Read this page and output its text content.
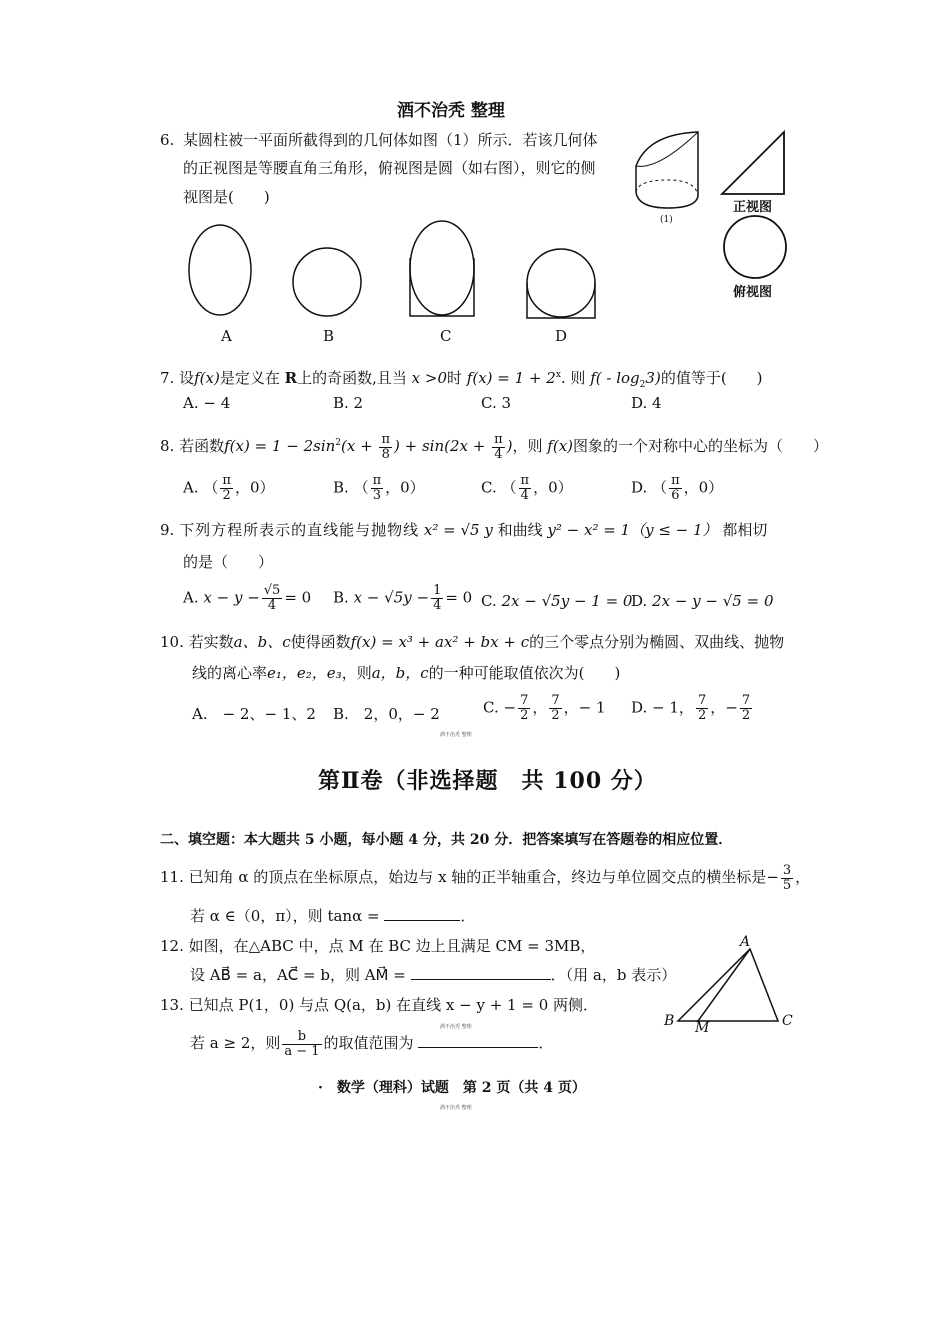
酒不治秃 整理
6. 某圆柱被一平面所截得到的几何体如图（1）所示．若该几何体
的正视图是等腰直角三角形，俯视图是圆（如右图），则它的侧
视图是(　　)
(1)
正视图
俯视图
A	B	C	D
7. 设f(x)是定义在 R上的奇函数,且当 x >0时 $f(x) = 1 + 2^x$. 则 $f( - \log_23)$的值等于(　　)
A. − 4	B. 2	C. 3	D. 4
8. 若函数$f(x) = 1 - 2\sin^2(x + \frac{\pi}{8}$ ) + $\sin(2x + \frac{\pi}{4}$ )，则 f(x)图象的一个对称中心的坐标为（　　）
A. （ $\frac{\pi}{2}$ ，0）	B. （ $\frac{\pi}{3}$ ，0）	C. （ $\frac{\pi}{4}$ ，0）	D. （ $\frac{\pi}{6}$ ，0）
9. 下列方程所表示的直线能与抛物线 x² = √5 y 和曲线 y² − x² = 1（y ≤ − 1） 都相切
的是（　　）
A. $x - y - \frac{√5}{4} = 0$ B. $x - √5y - \frac{1}{4} = 0$ C. 2x − √5y − 1 = 0
D. 2x − y − √5 = 0
10. 若实数a、b、c使得函数f(x) = x³ + ax² + bx + c的三个零点分别为椭圆、双曲线、抛物
线的离心率e₁，e₂，e₃，则a，b，c的一种可能取值依次为(　　)
A.　− 2、− 1、2 B.　2，0，− 2	C. − $\frac{7}{2}$ ， $\frac{7}{2}$ ，− 1 D. − 1， $\frac{7}{2}$ ，− $\frac{7}{2}$
酒不治秃 整理
第Ⅱ卷（非选择题　共 100 分）
二、填空题：本大题共 5 小题，每小题 4 分，共 20 分．把答案填写在答题卷的相应位置．
11. 已知角 α 的顶点在坐标原点，始边与 x 轴的正半轴重合，终边与单位圆交点的横坐标是− $\frac{3}{5}$ ，
若 α ∈（0，π），则 tanα =	．
12. 如图，在△ABC 中，点 M 在 BC 边上且满足 CM = 3MB，
设 AB⃗ = a，AC⃗ = b，则 AM⃗ =	．（用 a，b 表示）
A
B	C
M
13. 已知点 P(1，0) 与点 Q(a，b) 在直线 x − y + 1 = 0 两侧．
酒不治秃 整理
若 a ≥ 2，则 $\frac{b}{a - 1}$ 的取值范围为	．
·　数学（理科）试题　第 2 页（共 4 页）
酒不治秃 整理
